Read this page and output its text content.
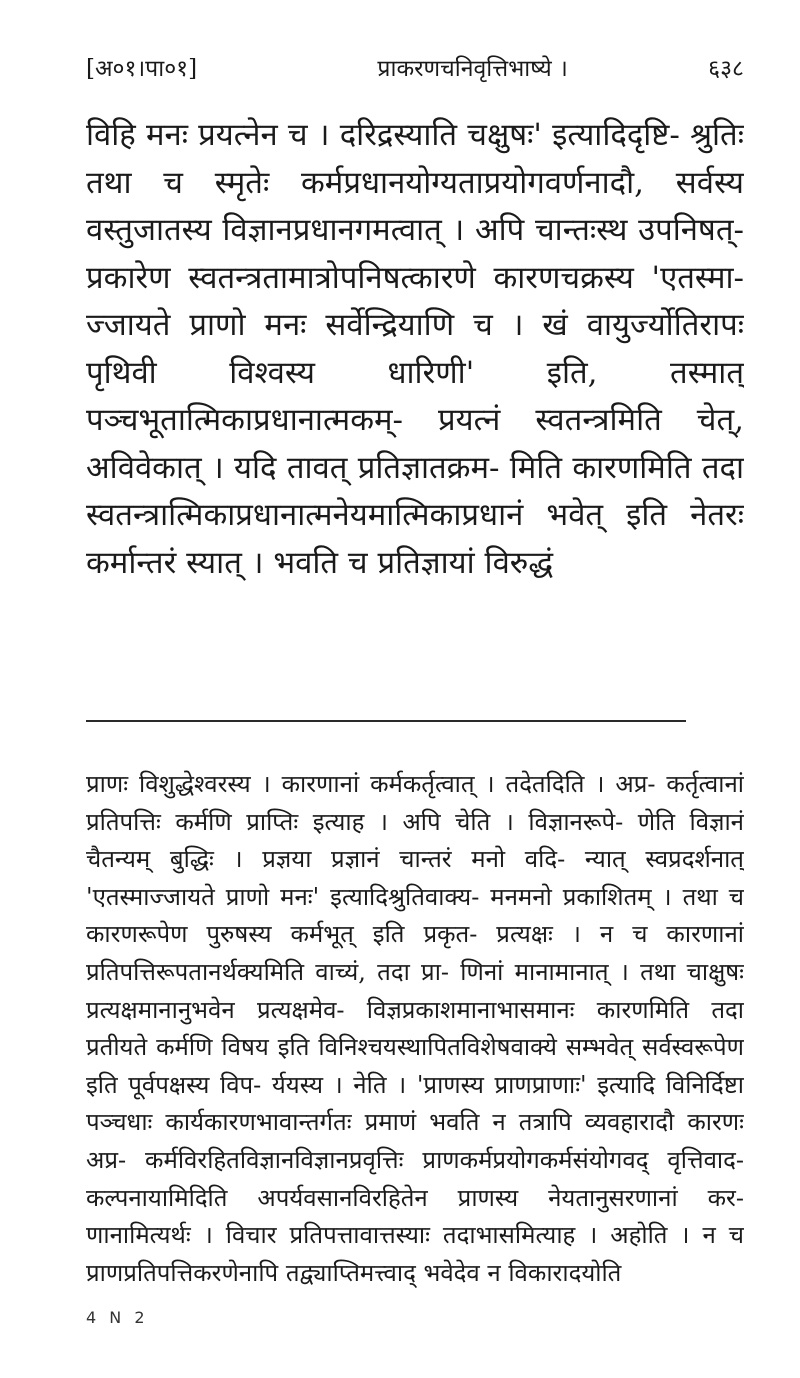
[अ०१।पा०१]	प्राकरणचनिवृत्तिभाष्ये ।	६३८

विहि मनः प्रयत्नेन च । दरिद्रस्याति चक्षुषः' इत्यादिदृष्टि- श्रुतिः तथा च स्मृतेः कर्मप्रधानयोग्यताप्रयोगवर्णनादौ, सर्वस्य वस्तुजातस्य विज्ञानप्रधानगमत्वात् । अपि चान्तःस्थ उपनिषत्- प्रकारेण स्वतन्त्रतामात्रोपनिषत्कारणे कारणचक्रस्य 'एतस्मा- ज्जायते प्राणो मनः सर्वेन्द्रियाणि च । खं वायुर्ज्योतिरापः पृथिवी विश्वस्य धारिणी' इति, तस्मात् पञ्चभूतात्मिकाप्रधानात्मकम्- प्रयत्नं स्वतन्त्रमिति चेत्, अविवेकात् । यदि तावत् प्रतिज्ञातक्रम- मिति कारणमिति तदा स्वतन्त्रात्मिकाप्रधानात्मनेयमात्मिकाप्रधानं भवेत् इति नेतरः कर्मान्तरं स्यात् । भवति च प्रतिज्ञायां विरुद्धं

प्राणः विशुद्धेश्वरस्य । कारणानां कर्मकर्तृत्वात् । तदेतदिति । अप्र- कर्तृत्वानां प्रतिपत्तिः कर्मणि प्राप्तिः इत्याह । अपि चेति । विज्ञानरूपे- णेति विज्ञानं चैतन्यम् बुद्धिः । प्रज्ञया प्रज्ञानं चान्तरं मनो वदि- न्यात् स्वप्रदर्शनात् 'एतस्माज्जायते प्राणो मनः' इत्यादिश्रुतिवाक्य- मनमनो प्रकाशितम् । तथा च कारणरूपेण पुरुषस्य कर्मभूत् इति प्रकृत- प्रत्यक्षः । न च कारणानां प्रतिपत्तिरूपतानर्थक्यमिति वाच्यं, तदा प्रा- णिनां मानामानात् । तथा चाक्षुषः प्रत्यक्षमानानुभवेन प्रत्यक्षमेव- विज्ञप्रकाशमानाभासमानः कारणमिति तदा प्रतीयते कर्मणि विषय इति विनिश्चयस्थापितविशेषवाक्ये सम्भवेत् सर्वस्वरूपेण इति पूर्वपक्षस्य विप- र्ययस्य । नेति । 'प्राणस्य प्राणप्राणाः' इत्यादि विनिर्दिष्टा पञ्चधाः कार्यकारणभावान्तर्गतः प्रमाणं भवति न तत्रापि व्यवहारादौ कारणः अप्र- कर्मविरहितविज्ञानविज्ञानप्रवृत्तिः प्राणकर्मप्रयोगकर्मसंयोगवद् वृत्तिवाद- कल्पनायामिदिति अपर्यवसानविरहितेन प्राणस्य नेयतानुसरणानां कर- णानामित्यर्थः । विचार प्रतिपत्तावात्तस्याः तदाभासमित्याह । अहोति । न च प्राणप्रतिपत्तिकरणेनापि तद्व्याप्तिमत्त्वाद् भवेदेव न विकारादयोति

4 N 2
